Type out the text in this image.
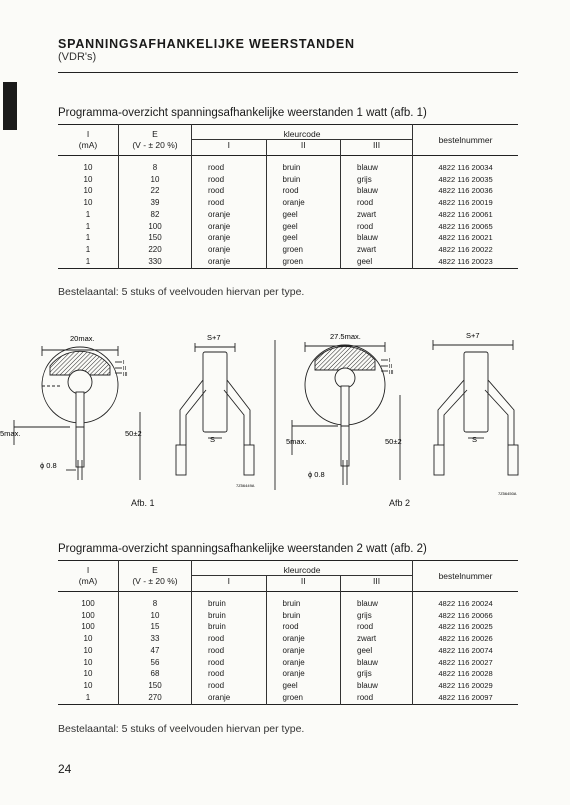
SPANNINGSAFHANKELIJKE WEERSTANDEN
(VDR's)
Programma-overzicht spanningsafhankelijke weerstanden 1 watt (afb. 1)
I	E	kleurcode			bestelnummer
(mA)	(V - ± 20 %)	I	II	III	
10	8	rood	bruin	blauw	4822 116 20034
10	10	rood	bruin	grijs	4822 116 20035
10	22	rood	rood	blauw	4822 116 20036
10	39	rood	oranje	rood	4822 116 20019
1	82	oranje	geel	zwart	4822 116 20061
1	100	oranje	geel	rood	4822 116 20065
1	150	oranje	geel	blauw	4822 116 20021
1	220	oranje	groen	zwart	4822 116 20022
1	330	oranje	groen	geel	4822 116 20023
Bestelaantal: 5 stuks of veelvouden hiervan per type.
20max.	S+7
S
5max.	50±2
ϕ 0.8
I
II
III
7Z56449A
27.5max.	S+7
S
5max.	50±2
ϕ 0.8
I
II
III
7Z56450A
Afb. 1	Afb 2
Programma-overzicht spanningsafhankelijke weerstanden 2 watt (afb. 2)
I	E	kleurcode			bestelnummer
(mA)	(V - ± 20 %)	I	II	III	
100	8	bruin	bruin	blauw	4822 116 20024
100	10	bruin	bruin	grijs	4822 116 20066
100	15	bruin	rood	rood	4822 116 20025
10	33	rood	oranje	zwart	4822 116 20026
10	47	rood	oranje	geel	4822 116 20074
10	56	rood	oranje	blauw	4822 116 20027
10	68	rood	oranje	grijs	4822 116 20028
10	150	rood	geel	blauw	4822 116 20029
1	270	oranje	groen	rood	4822 116 20097
Bestelaantal: 5 stuks of veelvouden hiervan per type.
24
